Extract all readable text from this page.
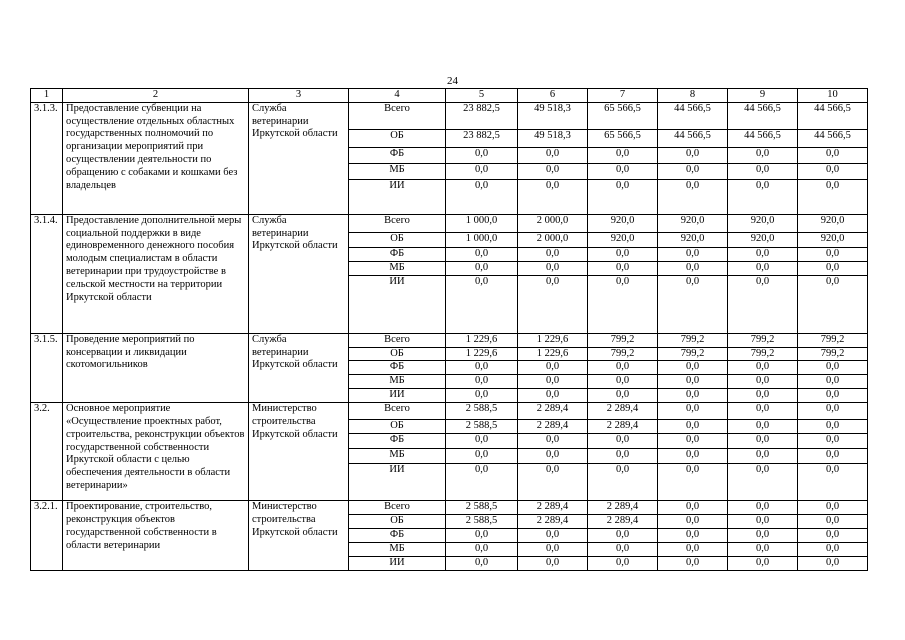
24
1	2	3	4	5	6	7	8	9	10
3.1.3.	Предоставление субвенции на осуществление отдельных областных государственных полномочий по организации мероприятий при осуществлении деятельности по обращению с собаками и кошками без владельцев	Служба ветеринарии Иркутской области	Всего	23 882,5	49 518,3	65 566,5	44 566,5	44 566,5	44 566,5
			ОБ	23 882,5	49 518,3	65 566,5	44 566,5	44 566,5	44 566,5
			ФБ	0,0	0,0	0,0	0,0	0,0	0,0
			МБ	0,0	0,0	0,0	0,0	0,0	0,0
			ИИ	0,0	0,0	0,0	0,0	0,0	0,0
3.1.4.	Предоставление дополнительной меры социальной поддержки в виде единовременного денежного пособия молодым специалистам в области ветеринарии при трудоустройстве в сельской местности на территории Иркутской области	Служба ветеринарии Иркутской области	Всего	1 000,0	2 000,0	920,0	920,0	920,0	920,0
			ОБ	1 000,0	2 000,0	920,0	920,0	920,0	920,0
			ФБ	0,0	0,0	0,0	0,0	0,0	0,0
			МБ	0,0	0,0	0,0	0,0	0,0	0,0
			ИИ	0,0	0,0	0,0	0,0	0,0	0,0
3.1.5.	Проведение мероприятий по консервации и ликвидации скотомогильников	Служба ветеринарии Иркутской области	Всего	1 229,6	1 229,6	799,2	799,2	799,2	799,2
			ОБ	1 229,6	1 229,6	799,2	799,2	799,2	799,2
			ФБ	0,0	0,0	0,0	0,0	0,0	0,0
			МБ	0,0	0,0	0,0	0,0	0,0	0,0
			ИИ	0,0	0,0	0,0	0,0	0,0	0,0
3.2.	Основное мероприятие «Осуществление проектных работ, строительства, реконструкции объектов государственной собственности Иркутской области с целью обеспечения деятельности в области ветеринарии»	Министерство строительства Иркутской области	Всего	2 588,5	2 289,4	2 289,4	0,0	0,0	0,0
			ОБ	2 588,5	2 289,4	2 289,4	0,0	0,0	0,0
			ФБ	0,0	0,0	0,0	0,0	0,0	0,0
			МБ	0,0	0,0	0,0	0,0	0,0	0,0
			ИИ	0,0	0,0	0,0	0,0	0,0	0,0
3.2.1.	Проектирование, строительство, реконструкция объектов государственной собственности в области ветеринарии	Министерство строительства Иркутской области	Всего	2 588,5	2 289,4	2 289,4	0,0	0,0	0,0
			ОБ	2 588,5	2 289,4	2 289,4	0,0	0,0	0,0
			ФБ	0,0	0,0	0,0	0,0	0,0	0,0
			МБ	0,0	0,0	0,0	0,0	0,0	0,0
			ИИ	0,0	0,0	0,0	0,0	0,0	0,0
